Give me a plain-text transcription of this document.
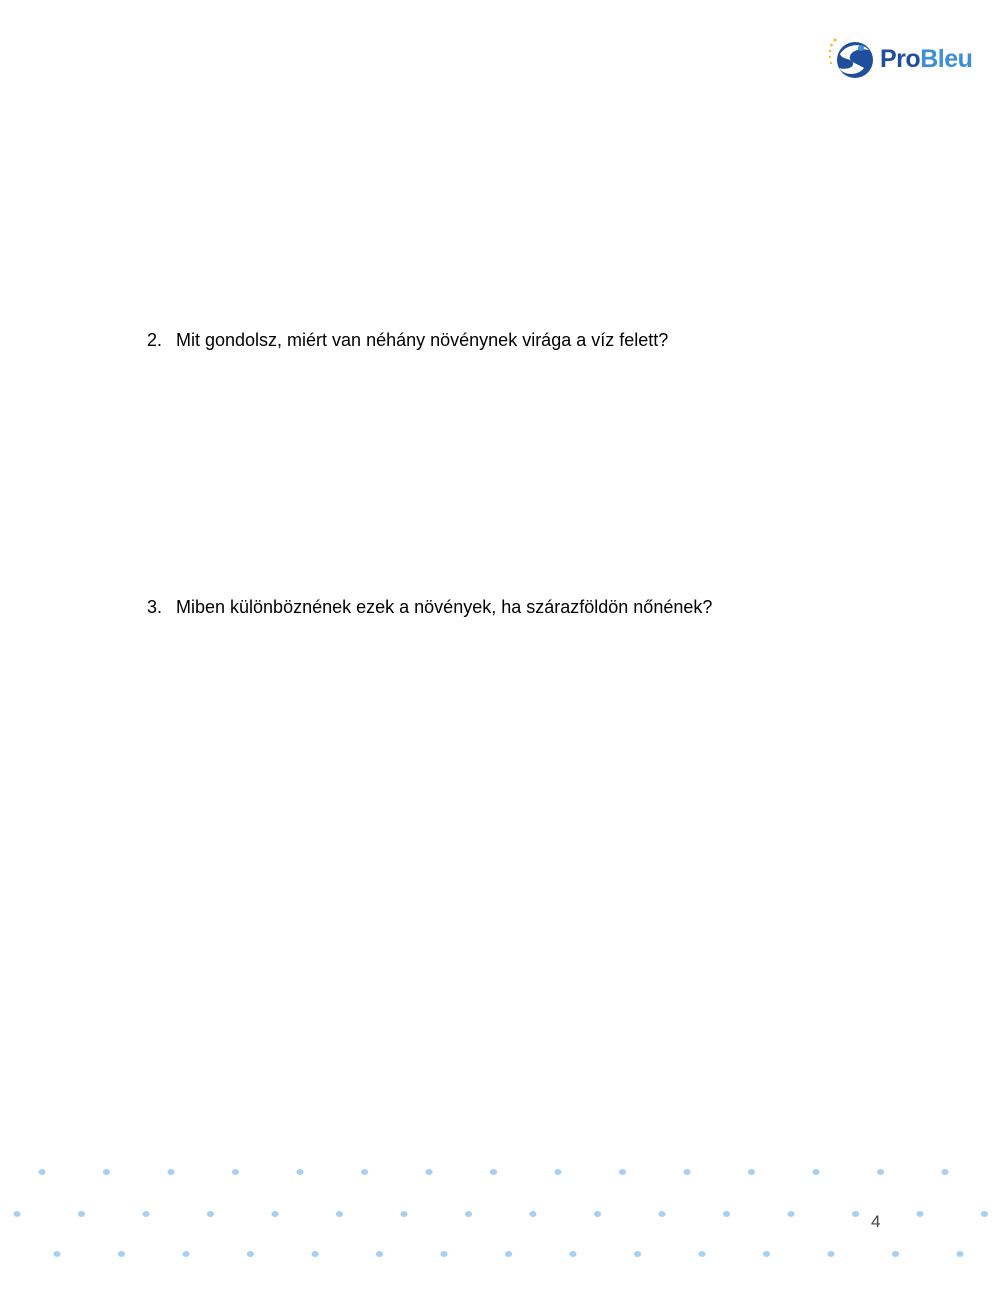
ProBleu
2. Mit gondolsz, miért van néhány növénynek virága a víz felett?
3. Miben különböznének ezek a növények, ha szárazföldön nőnének?
4
